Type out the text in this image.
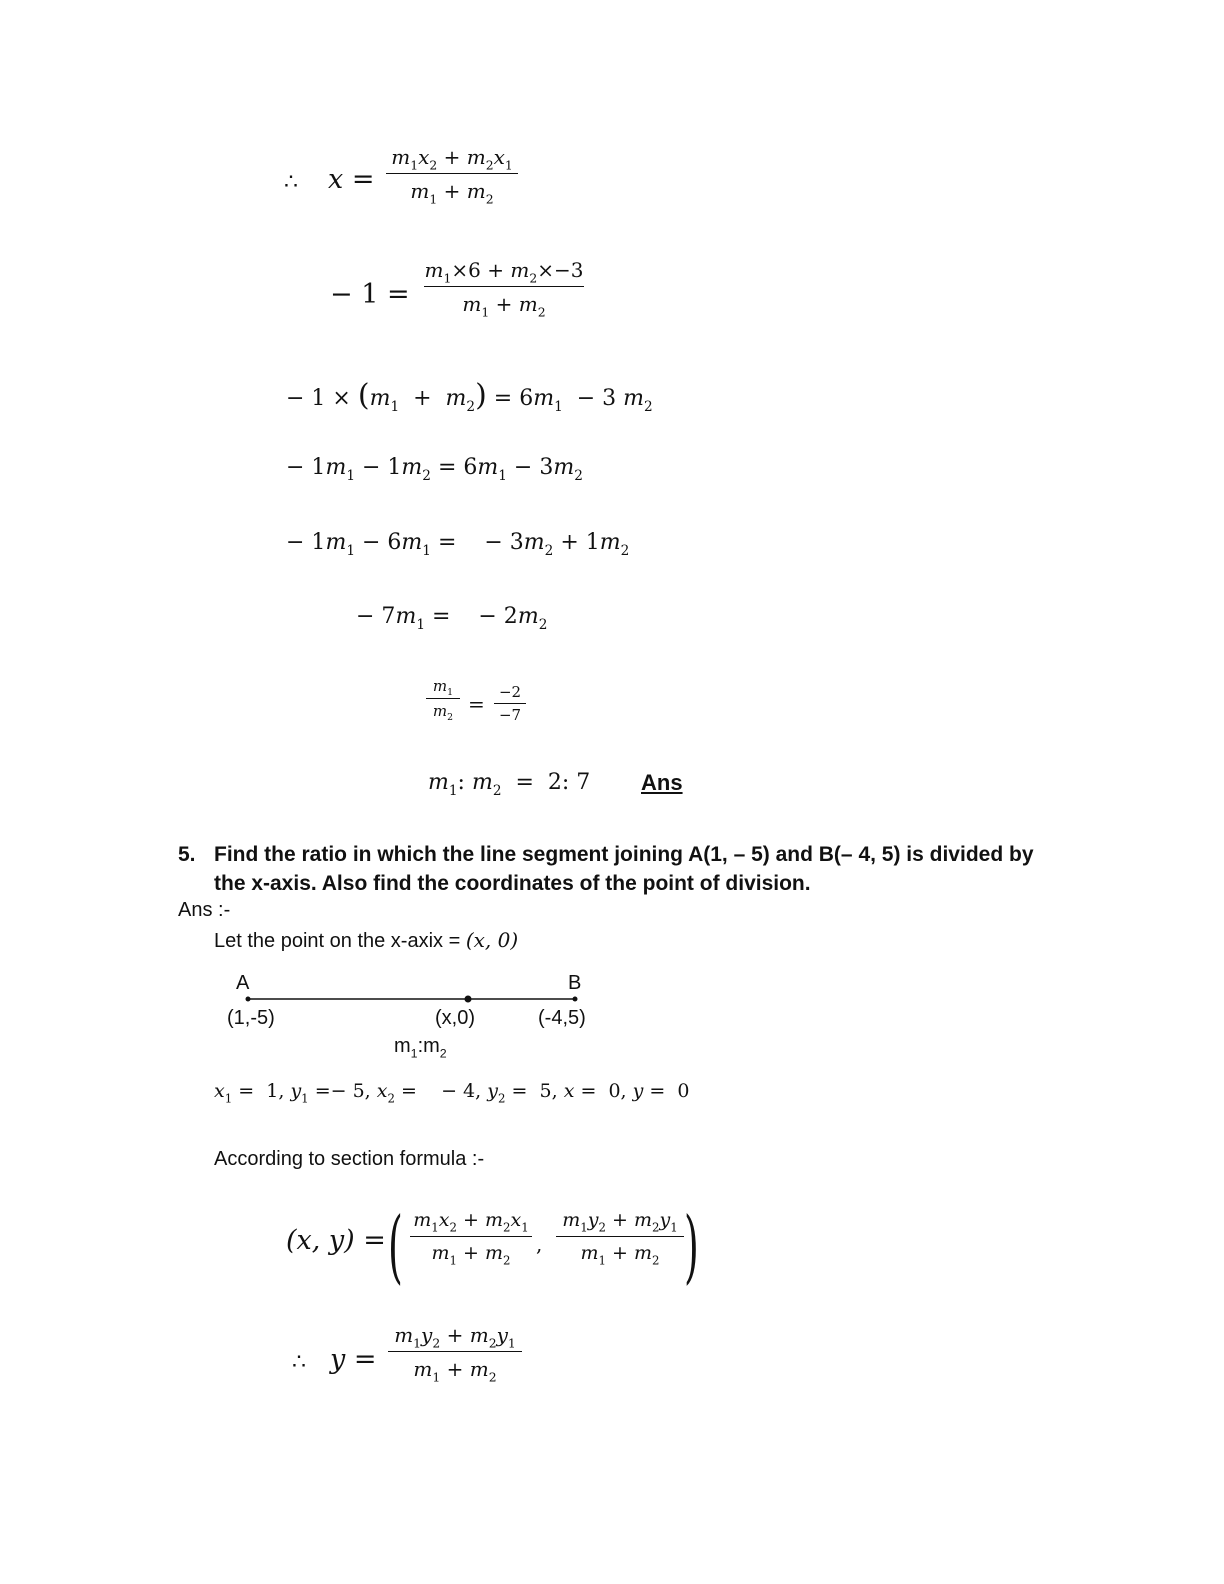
∴ x =
$m_1x_2 + m_2x_1$
$m_1 + m_2$
− 1 =
$m_1\times 6 + m_2\times-3$
$m_1 + m_2$
− $1 \times (m_1 + m_2) = 6m_1 - 3$ $m_2$
− $1m_1 - 1m_2 = 6m_1 - 3m_2$
− $1m_1 - 6m_1$ =    − $3m_2 + 1m_2$
− $7m_1$ =    − $2m_2$
$m_1$
$m_2$
= −2
−7
$m_1$: $m_2 = 2$: 7 Ans
5. Find the ratio in which the line segment joining A(1, – 5) and B(– 4, 5) is divided by
the x-axis. Also find the coordinates of the point of division.
Ans :-
Let the point on the x-axix = (x, 0)
A	B
(1,-5)	(x,0)	(-4,5)
$m_1:m_2$
$x_1 = 1$, $y_1 =- 5$, $x_2$ =    − 4, $y_2 = 5$, x =  0, y =  0
According to section formula :-
(x, y) = ( $m_1x_2 + m_2x_1$
$m_1 + m_2$
,
$m_1y_2 + m_2y_1$
$m_1 + m_2$ )
∴ y =
$m_1y_2 + m_2y_1$
$m_1 + m_2$
